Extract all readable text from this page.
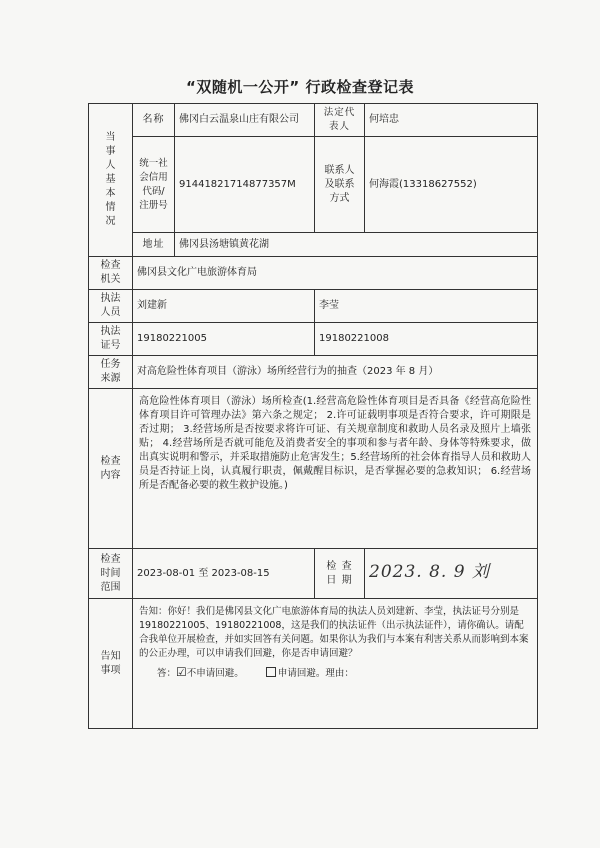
“双随机一公开” 行政检查登记表
当事人基本情况	名称	佛冈白云温泉山庄有限公司	法定代表人	何培忠

	统一社会信用代码/注册号	91441821714877357M	联系人及联系方式	何海霞(13318627552)
	地址	佛冈县汤塘镇黄花湖		

检查机关	佛冈县文化广电旅游体育局			

执法人员	刘建新		李莹	

执法证号	19180221005		19180221008	

任务来源	对高危险性体育项目（游泳）场所经营行为的抽查（2023 年 8 月）			

检查内容	高危险性体育项目（游泳）场所检查(1.经营高危险性体育项目是否具备《经营高危险性体育项目许可管理办法》第六条之规定； 2.许可证载明事项是否符合要求，许可期限是否过期； 3.经营场所是否按要求将许可证、有关规章制度和救助人员名录及照片上墙张贴； 4.经营场所是否就可能危及消费者安全的事项和参与者年龄、身体等特殊要求，做出真实说明和警示，并采取措施防止危害发生；5.经营场所的社会体育指导人员和救助人员是否持证上岗，认真履行职责，佩戴醒目标识，是否掌握必要的急救知识； 6.经营场所是否配备必要的救生救护设施。)			

检查时间范围	2023-08-01 至 2023-08-15		检 查 日 期	2023. 8. 9 刘

告知事项	告知：你好！我们是佛冈县文化广电旅游体育局的执法人员刘建新、李莹，执法证号分别是 19180221005、19180221008，这是我们的执法证件（出示执法证件），请你确认。请配合我单位开展检查，并如实回答有关问题。如果你认为我们与本案有利害关系从而影响到本案的公正办理，可以申请我们回避，你是否申请回避？
答：☑不申请回避。 申请回避。理由：			
